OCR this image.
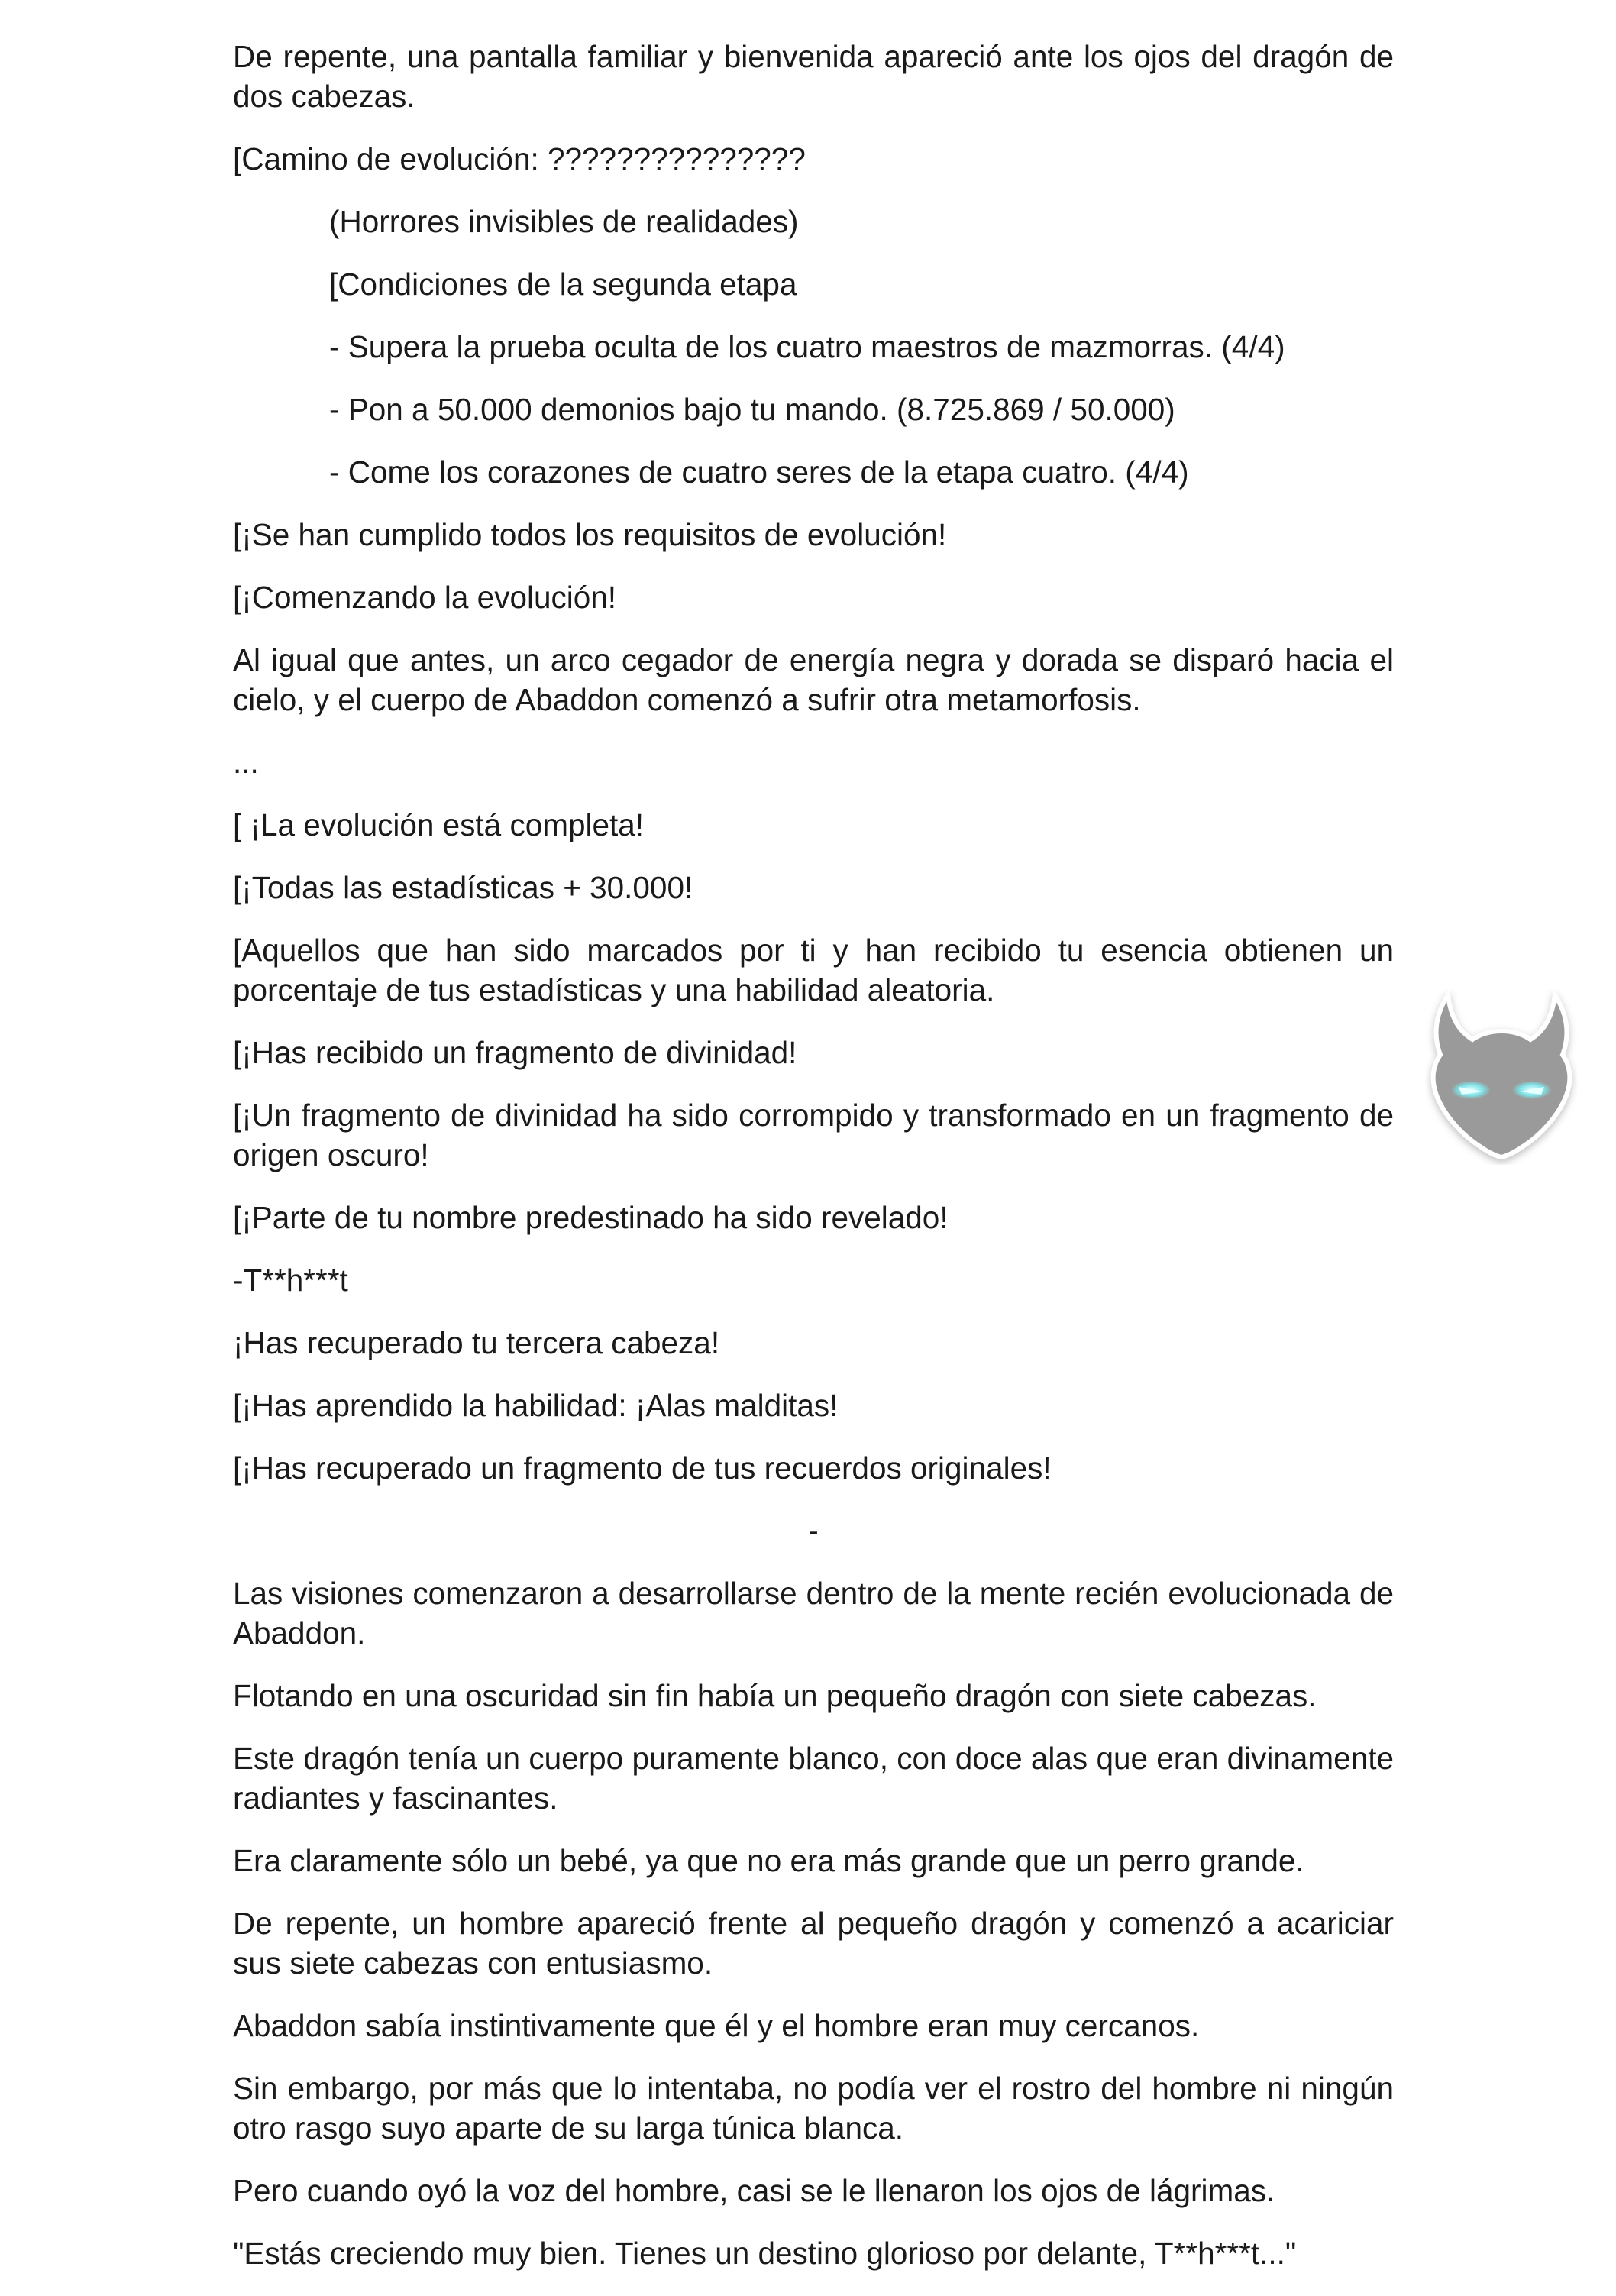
De repente, una pantalla familiar y bienvenida apareció ante los ojos del dragón de dos cabezas.

[Camino de evolución: ???????????????

(Horrores invisibles de realidades)

[Condiciones de la segunda etapa

- Supera la prueba oculta de los cuatro maestros de mazmorras. (4/4)

- Pon a 50.000 demonios bajo tu mando. (8.725.869 / 50.000)

- Come los corazones de cuatro seres de la etapa cuatro. (4/4)

[¡Se han cumplido todos los requisitos de evolución!

[¡Comenzando la evolución!

Al igual que antes, un arco cegador de energía negra y dorada se disparó hacia el cielo, y el cuerpo de Abaddon comenzó a sufrir otra metamorfosis.

...

[ ¡La evolución está completa!

[¡Todas las estadísticas + 30.000!

[Aquellos que han sido marcados por ti y han recibido tu esencia obtienen un porcentaje de tus estadísticas y una habilidad aleatoria.

[¡Has recibido un fragmento de divinidad!

[¡Un fragmento de divinidad ha sido corrompido y transformado en un fragmento de origen oscuro!

[¡Parte de tu nombre predestinado ha sido revelado!

-T**h***t

¡Has recuperado tu tercera cabeza!

[¡Has aprendido la habilidad: ¡Alas malditas!

[¡Has recuperado un fragmento de tus recuerdos originales!

-

Las visiones comenzaron a desarrollarse dentro de la mente recién evolucionada de Abaddon.

Flotando en una oscuridad sin fin había un pequeño dragón con siete cabezas.

Este dragón tenía un cuerpo puramente blanco, con doce alas que eran divinamente radiantes y fascinantes.

Era claramente sólo un bebé, ya que no era más grande que un perro grande.

De repente, un hombre apareció frente al pequeño dragón y comenzó a acariciar sus siete cabezas con entusiasmo.

Abaddon sabía instintivamente que él y el hombre eran muy cercanos.

Sin embargo, por más que lo intentaba, no podía ver el rostro del hombre ni ningún otro rasgo suyo aparte de su larga túnica blanca.

Pero cuando oyó la voz del hombre, casi se le llenaron los ojos de lágrimas.

"Estás creciendo muy bien. Tienes un destino glorioso por delante, T**h***t..."
